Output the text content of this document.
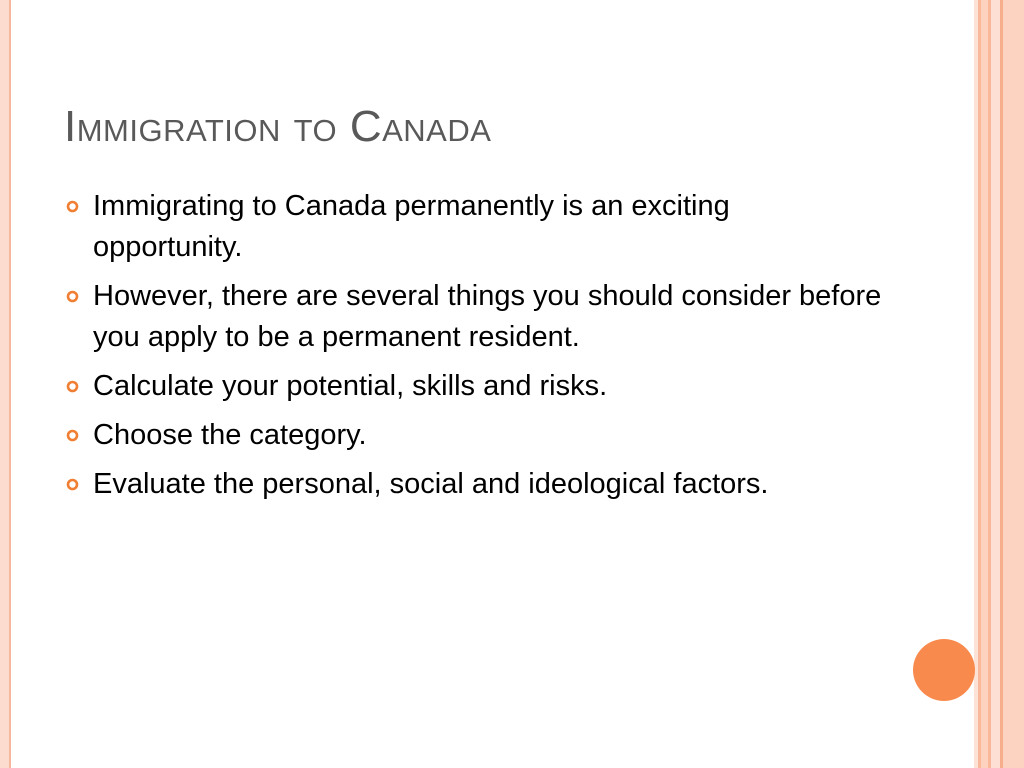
Immigration to Canada
Immigrating to Canada permanently is an exciting opportunity.
However, there are several things you should consider before you apply to be a permanent resident.
Calculate your potential, skills and risks.
Choose the category.
Evaluate the personal, social and ideological factors.
